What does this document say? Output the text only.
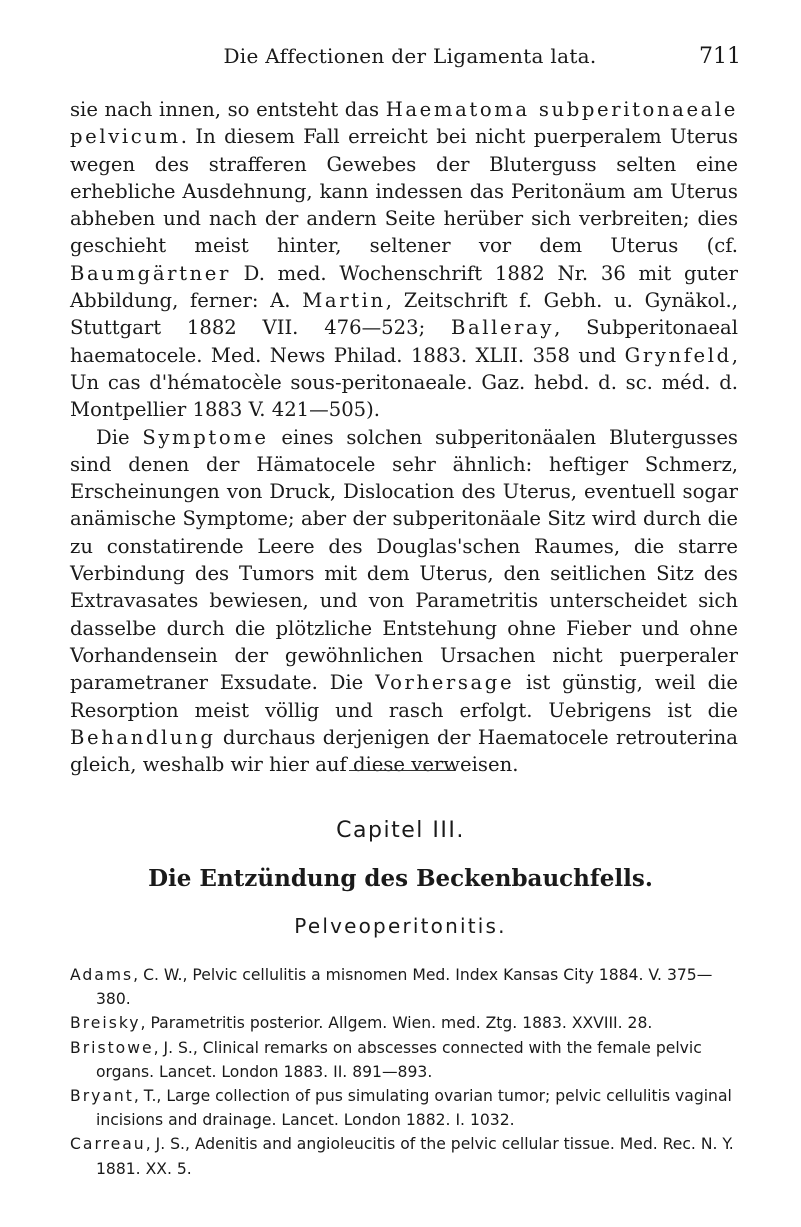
Die Affectionen der Ligamenta lata.	711

sie nach innen, so entsteht das Haematoma subperitonaeale pelvicum. In diesem Fall erreicht bei nicht puerperalem Uterus wegen des strafferen Gewebes der Bluterguss selten eine erhebliche Ausdehnung, kann indessen das Peritonäum am Uterus abheben und nach der andern Seite herüber sich verbreiten; dies geschieht meist hinter, seltener vor dem Uterus (cf. Baumgärtner D. med. Wochenschrift 1882 Nr. 36 mit guter Abbildung, ferner: A. Martin, Zeitschrift f. Gebh. u. Gynäkol., Stuttgart 1882 VII. 476—523; Balleray, Subperitonaeal haematocele. Med. News Philad. 1883. XLII. 358 und Grynfeld, Un cas d'hématocèle sous-peritonaeale. Gaz. hebd. d. sc. méd. d. Montpellier 1883 V. 421—505).

Die Symptome eines solchen subperitonäalen Blutergusses sind denen der Hämatocele sehr ähnlich: heftiger Schmerz, Erscheinungen von Druck, Dislocation des Uterus, eventuell sogar anämische Symptome; aber der subperitonäale Sitz wird durch die zu constatirende Leere des Douglas'schen Raumes, die starre Verbindung des Tumors mit dem Uterus, den seitlichen Sitz des Extravasates bewiesen, und von Parametritis unterscheidet sich dasselbe durch die plötzliche Entstehung ohne Fieber und ohne Vorhandensein der gewöhnlichen Ursachen nicht puerperaler parametraner Exsudate. Die Vorhersage ist günstig, weil die Resorption meist völlig und rasch erfolgt. Uebrigens ist die Behandlung durchaus derjenigen der Haematocele retrouterina gleich, weshalb wir hier auf diese verweisen.

Capitel III.
Die Entzündung des Beckenbauchfells.
Pelveoperitonitis.
Adams, C. W., Pelvic cellulitis a misnomen Med. Index Kansas City 1884. V. 375—380.
Breisky, Parametritis posterior. Allgem. Wien. med. Ztg. 1883. XXVIII. 28.
Bristowe, J. S., Clinical remarks on abscesses connected with the female pelvic organs. Lancet. London 1883. II. 891—893.
Bryant, T., Large collection of pus simulating ovarian tumor; pelvic cellulitis vaginal incisions and drainage. Lancet. London 1882. I. 1032.
Carreau, J. S., Adenitis and angioleucitis of the pelvic cellular tissue. Med. Rec. N. Y. 1881. XX. 5.
